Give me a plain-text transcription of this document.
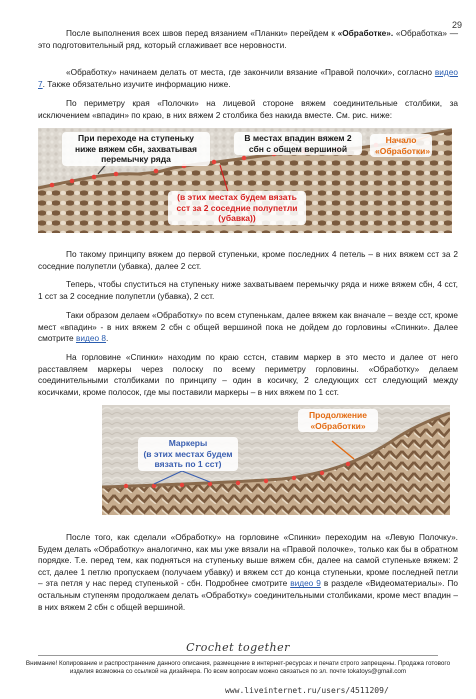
29

После выполнения всех швов перед вязанием «Планки» перейдем к «Обработке». «Обработка» — это подготовительный ряд, который сглаживает все неровности.

«Обработку» начинаем делать от места, где закончили вязание «Правой полочки», согласно видео 7. Также обязательно изучите информацию ниже.

По периметру края «Полочки» на лицевой стороне вяжем соединительные столбики, за исключением «впадин» по краю, в них вяжем 2 столбика без накида вместе. См. рис. ниже:

При переходе на ступеньку ниже вяжем сбн, захватывая перемычку ряда
В местах впадин вяжем 2 сбн с общем вершиной
Начало
«Обработки»
(в этих местах будем вязать сст за 2 соседние полупетли (убавка))

По такому принципу вяжем до первой ступеньки, кроме последних 4 петель – в них вяжем сст за 2 соседние полупетли (убавка), далее 2 сст.

Теперь, чтобы спуститься на ступеньку ниже захватываем перемычку ряда и ниже вяжем сбн, 4 сст, 1 сст за 2 соседние полупетли (убавка), 2 сст.

Таки образом делаем «Обработку» по всем ступенькам, далее вяжем как вначале – везде сст, кроме мест «впадин» - в них вяжем 2 сбн с общей вершиной пока не дойдем до горловины «Спинки». Далее смотрите видео 8.

На горловине «Спинки» находим по краю сстсн, ставим маркер в это место и далее от него расставляем маркеры через полоску по всему периметру горловины. «Обработку» делаем соединительными столбиками по принципу – один в косичку, 2 следующих сст следующий между косичками, кроме полосок, где мы поставили маркеры – в них вяжем по 1 сст.

Маркеры
(в этих местах будем вязать по 1 сст)
Продолжение
«Обработки»

После того, как сделали «Обработку» на горловине «Спинки» переходим на «Левую Полочку». Будем делать «Обработку» аналогично, как мы уже вязали на «Правой полочке», только как бы в обратном порядке. Т.е. перед тем, как подняться на ступеньку выше вяжем сбн, далее на самой ступеньке вяжем: 2 сст, далее 1 петлю пропускаем (получаем убавку) и вяжем сст до конца ступеньки, кроме последней петли – эта петля у нас перед ступенькой - сбн. Подробнее смотрите видео 9 в разделе «Видеоматериалы». По остальным ступеням продолжаем делать «Обработку» соединительными столбиками, кроме мест впадин – в них вяжем 2 сбн с общей вершиной.

Crochet together
Внимание! Копирование и распространение данного описания, размещение в интернет-ресурсах и печати строго запрещены. Продажа готового изделия возможна со ссылкой на дизайнера. По всем вопросам можно связаться по эл. почте tokatoys@gmail.com
www.liveinternet.ru/users/4511209/
